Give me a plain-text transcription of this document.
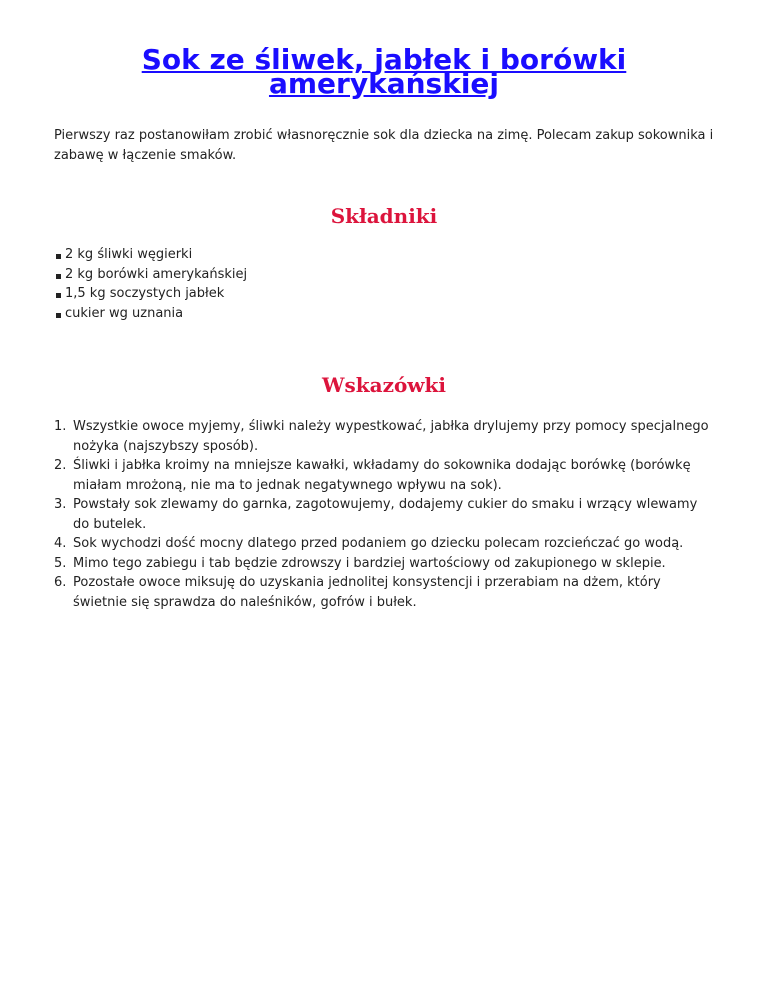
Sok ze śliwek, jabłek i borówki amerykańskiej

Pierwszy raz postanowiłam zrobić własnoręcznie sok dla dziecka na zimę. Polecam zakup sokownika i zabawę w łączenie smaków.

Składniki
2 kg śliwki węgierki
2 kg borówki amerykańskiej
1,5 kg soczystych jabłek
cukier wg uznania
Wskazówki
1. Wszystkie owoce myjemy, śliwki należy wypestkować, jabłka drylujemy przy pomocy specjalnego nożyka (najszybszy sposób).
2. Śliwki i jabłka kroimy na mniejsze kawałki, wkładamy do sokownika dodając borówkę (borówkę miałam mrożoną, nie ma to jednak negatywnego wpływu na sok).
3. Powstały sok zlewamy do garnka, zagotowujemy, dodajemy cukier do smaku i wrzący wlewamy do butelek.
4. Sok wychodzi dość mocny dlatego przed podaniem go dziecku polecam rozcieńczać go wodą.
5. Mimo tego zabiegu i tab będzie zdrowszy i bardziej wartościowy od zakupionego w sklepie.
6. Pozostałe owoce miksuję do uzyskania jednolitej konsystencji i przerabiam na dżem, który świetnie się sprawdza do naleśników, gofrów i bułek.
